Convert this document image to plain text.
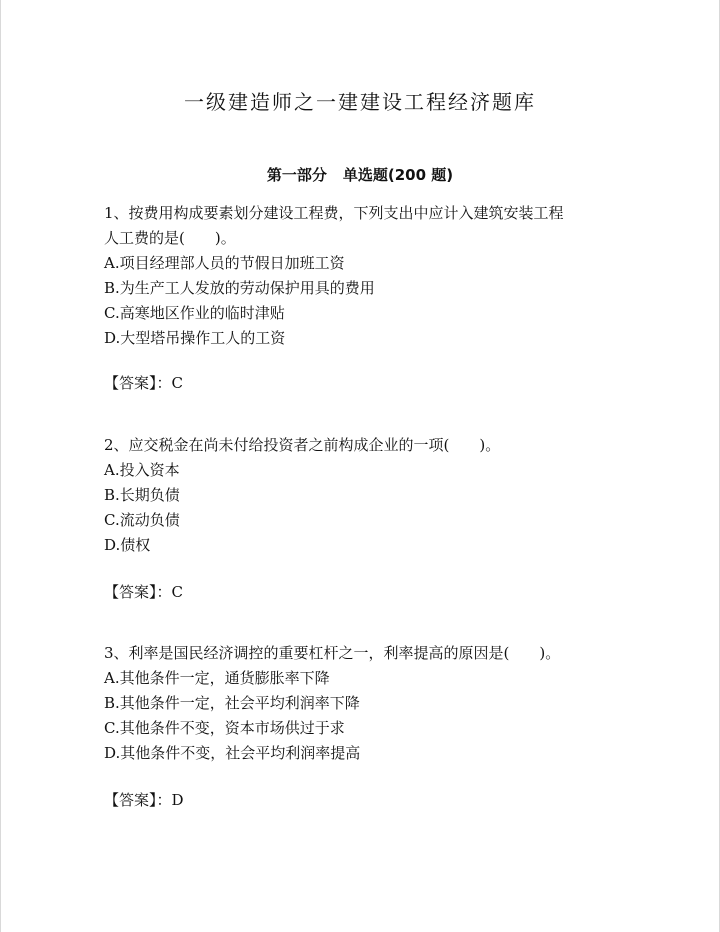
一级建造师之一建建设工程经济题库
第一部分 单选题(200 题)

1、按费用构成要素划分建设工程费，下列支出中应计入建筑安装工程

人工费的是(　　)。

A.项目经理部人员的节假日加班工资

B.为生产工人发放的劳动保护用具的费用

C.高寒地区作业的临时津贴

D.大型塔吊操作工人的工资

【答案】：C

2、应交税金在尚未付给投资者之前构成企业的一项(　　)。

A.投入资本

B.长期负债

C.流动负债

D.债权

【答案】：C

3、利率是国民经济调控的重要杠杆之一，利率提高的原因是(　　)。

A.其他条件一定，通货膨胀率下降

B.其他条件一定，社会平均利润率下降

C.其他条件不变，资本市场供过于求

D.其他条件不变，社会平均利润率提高

【答案】：D
